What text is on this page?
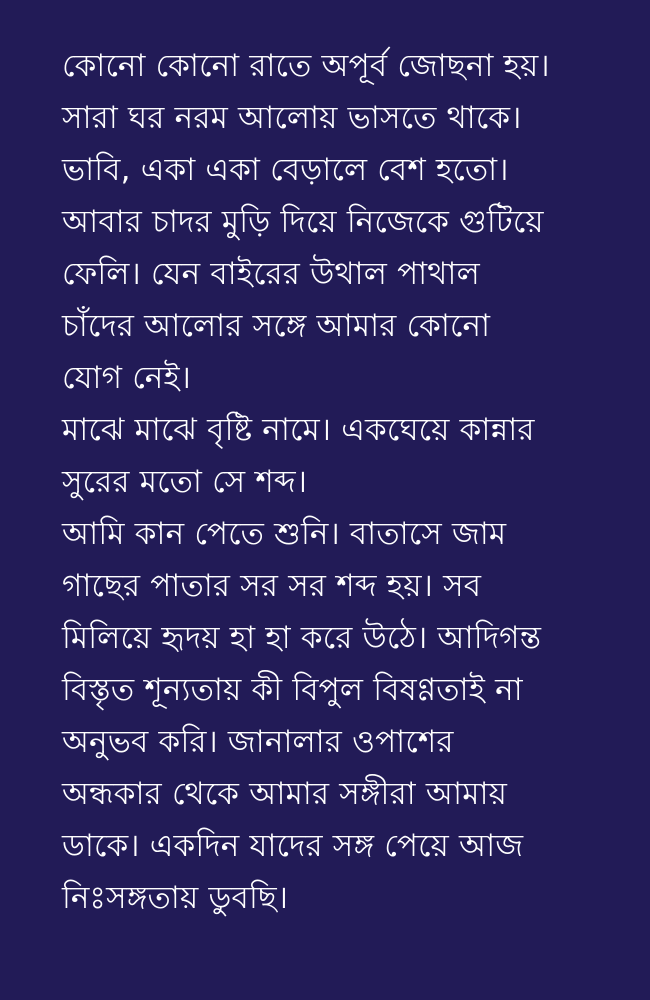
কোনো কোনো রাতে অপূর্ব জোছনা হয়।
সারা ঘর নরম আলোয় ভাসতে থাকে।
ভাবি, একা একা বেড়ালে বেশ হতো।
আবার চাদর মুড়ি দিয়ে নিজেকে গুটিয়ে
ফেলি। যেন বাইরের উথাল পাথাল
চাঁদের আলোর সঙ্গে আমার কোনো
যোগ নেই।
মাঝে মাঝে বৃষ্টি নামে। একঘেয়ে কান্নার
সুরের মতো সে শব্দ।
আমি কান পেতে শুনি। বাতাসে জাম
গাছের পাতার সর সর শব্দ হয়। সব
মিলিয়ে হৃদয় হা হা করে উঠে। আদিগন্ত
বিস্তৃত শূন্যতায় কী বিপুল বিষণ্ণতাই না
অনুভব করি। জানালার ওপাশের
অন্ধকার থেকে আমার সঙ্গীরা আমায়
ডাকে। একদিন যাদের সঙ্গ পেয়ে আজ
নিঃসঙ্গতায় ডুবছি।
